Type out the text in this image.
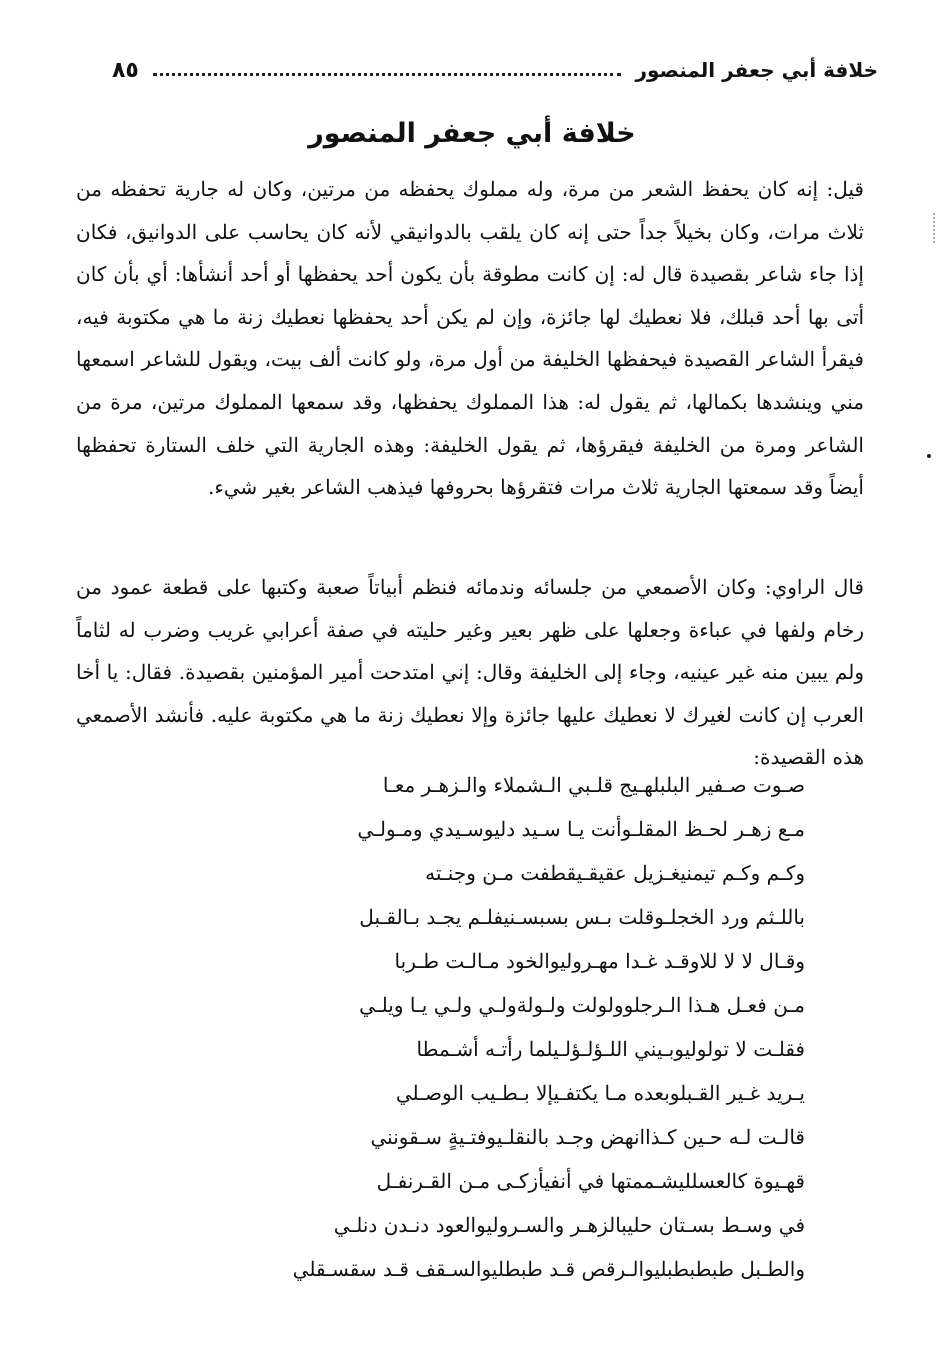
خلافة أبي جعفر المنصور
٨٥
خلافة أبي جعفر المنصور

قيل: إنه كان يحفظ الشعر من مرة، وله مملوك يحفظه من مرتين، وكان له جارية تحفظه من ثلاث مرات، وكان بخيلاً جداً حتى إنه كان يلقب بالدوانيقي لأنه كان يحاسب على الدوانيق، فكان إذا جاء شاعر بقصيدة قال له: إن كانت مطوقة بأن يكون أحد يحفظها أو أحد أنشأها: أي بأن كان أتى بها أحد قبلك، فلا نعطيك لها جائزة، وإن لم يكن أحد يحفظها نعطيك زنة ما هي مكتوبة فيه، فيقرأ الشاعر القصيدة فيحفظها الخليفة من أول مرة، ولو كانت ألف بيت، ويقول للشاعر اسمعها مني وينشدها بكمالها، ثم يقول له: هذا المملوك يحفظها، وقد سمعها المملوك مرتين، مرة من الشاعر ومرة من الخليفة فيقرؤها، ثم يقول الخليفة: وهذه الجارية التي خلف الستارة تحفظها أيضاً وقد سمعتها الجارية ثلاث مرات فتقرؤها بحروفها فيذهب الشاعر بغير شيء.

قال الراوي: وكان الأصمعي من جلسائه وندمائه فنظم أبياتاً صعبة وكتبها على قطعة عمود من رخام ولفها في عباءة وجعلها على ظهر بعير وغير حليته في صفة أعرابي غريب وضرب له لثاماً ولم يبين منه غير عينيه، وجاء إلى الخليفة وقال: إني امتدحت أمير المؤمنين بقصيدة. فقال: يا أخا العرب إن كانت لغيرك لا نعطيك عليها جائزة وإلا نعطيك زنة ما هي مكتوبة عليه. فأنشد الأصمعي هذه القصيدة:

صـوت صـفير البلبلهـيج قلـبي الـشملاء والـزهـر معـا
مـع زهـر لحـظ المقلـوأنت يـا سـيد دليوسـيدي ومـولـي
وكـم وكـم تيمنيغـزيل عقيقـيقطفت مـن وجنـته
باللـثم ورد الخجلـوقلت بـس بسبسـنيفلـم يجـد بـالقـبل
وقـال لا لا للاوقـد غـدا مهـروليوالخود مـالـت طـربا
مـن فعـل هـذا الـرجلوولولت ولـولةولـي ولـي يـا ويلـي
فقلـت لا تولوليوبـيني اللـؤلـؤلـيلما رأتـه أشـمطا
يـريد غـير القـبلوبعده مـا يكتفـيإلا بـطـيب الوصـلي
قالـت لـه حـين كـذاانهض وجـد بالنقلـيوفتـيةٍ سـقونني
قهـيوة كالعسلليشـممتها في أنفيأزكـى مـن القـرنفـل
في وسـط بسـتان حليبالزهـر والسـروليوالعود دنـدن دنلـي
والطـبل طبطبطبليوالـرقص قـد طبطليوالسـقف قـد سقسـقلي
